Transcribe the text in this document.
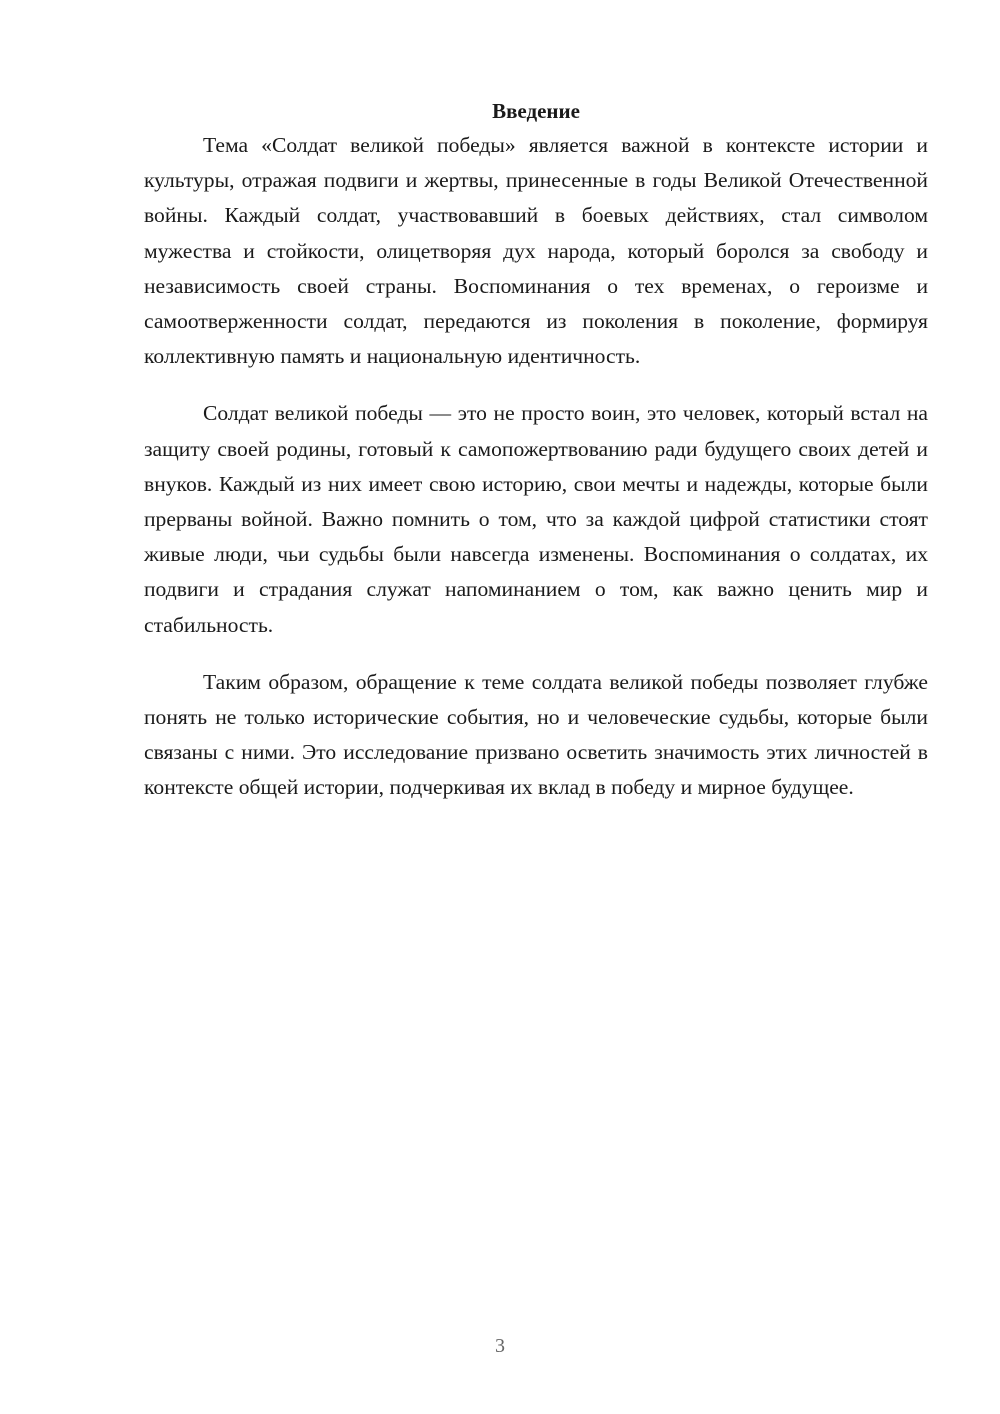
Введение

Тема «Солдат великой победы» является важной в контексте истории и культуры, отражая подвиги и жертвы, принесенные в годы Великой Отечественной войны. Каждый солдат, участвовавший в боевых действиях, стал символом мужества и стойкости, олицетворяя дух народа, который боролся за свободу и независимость своей страны. Воспоминания о тех временах, о героизме и самоотверженности солдат, передаются из поколения в поколение, формируя коллективную память и национальную идентичность.

Солдат великой победы — это не просто воин, это человек, который встал на защиту своей родины, готовый к самопожертвованию ради будущего своих детей и внуков. Каждый из них имеет свою историю, свои мечты и надежды, которые были прерваны войной. Важно помнить о том, что за каждой цифрой статистики стоят живые люди, чьи судьбы были навсегда изменены. Воспоминания о солдатах, их подвиги и страдания служат напоминанием о том, как важно ценить мир и стабильность.

Таким образом, обращение к теме солдата великой победы позволяет глубже понять не только исторические события, но и человеческие судьбы, которые были связаны с ними. Это исследование призвано осветить значимость этих личностей в контексте общей истории, подчеркивая их вклад в победу и мирное будущее.

3
